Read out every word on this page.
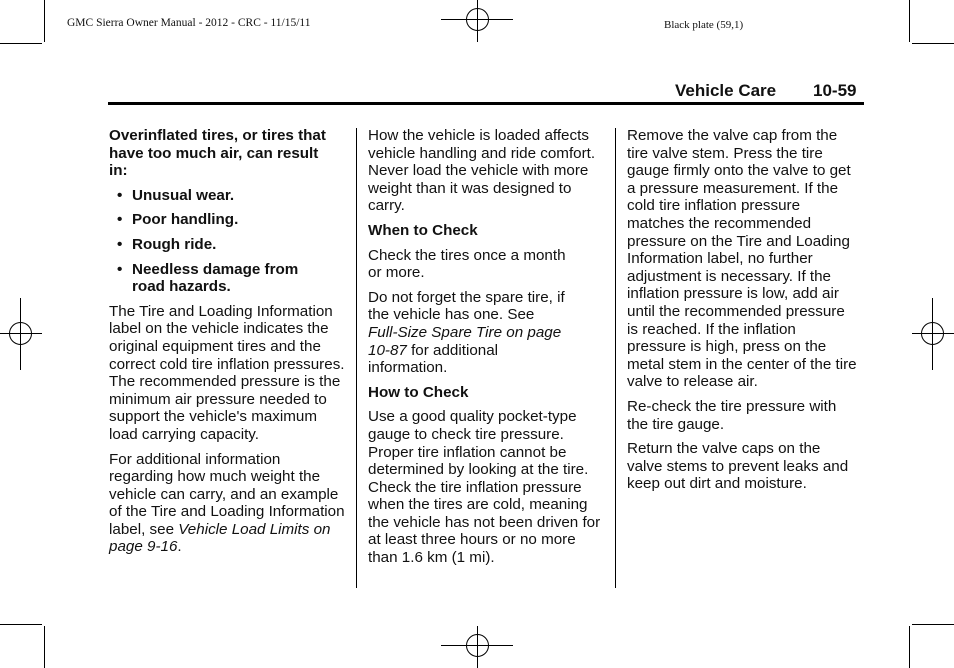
GMC Sierra Owner Manual - 2012 - CRC - 11/15/11	Black plate (59,1)
Vehicle Care 10-59

Overinflated tires, or tires that have too much air, can result in:

• Unusual wear.
• Poor handling.
• Rough ride.
• Needless damage from road hazards.

The Tire and Loading Information label on the vehicle indicates the original equipment tires and the correct cold tire inflation pressures. The recommended pressure is the minimum air pressure needed to support the vehicle's maximum load carrying capacity.

For additional information regarding how much weight the vehicle can carry, and an example of the Tire and Loading Information label, see Vehicle Load Limits on page 9-16.

How the vehicle is loaded affects vehicle handling and ride comfort. Never load the vehicle with more weight than it was designed to carry.

When to Check

Check the tires once a month or more.

Do not forget the spare tire, if the vehicle has one. See Full-Size Spare Tire on page 10-87 for additional information.

How to Check

Use a good quality pocket-type gauge to check tire pressure. Proper tire inflation cannot be determined by looking at the tire. Check the tire inflation pressure when the tires are cold, meaning the vehicle has not been driven for at least three hours or no more than 1.6 km (1 mi).

Remove the valve cap from the tire valve stem. Press the tire gauge firmly onto the valve to get a pressure measurement. If the cold tire inflation pressure matches the recommended pressure on the Tire and Loading Information label, no further adjustment is necessary. If the inflation pressure is low, add air until the recommended pressure is reached. If the inflation pressure is high, press on the metal stem in the center of the tire valve to release air.

Re-check the tire pressure with the tire gauge.

Return the valve caps on the valve stems to prevent leaks and keep out dirt and moisture.
